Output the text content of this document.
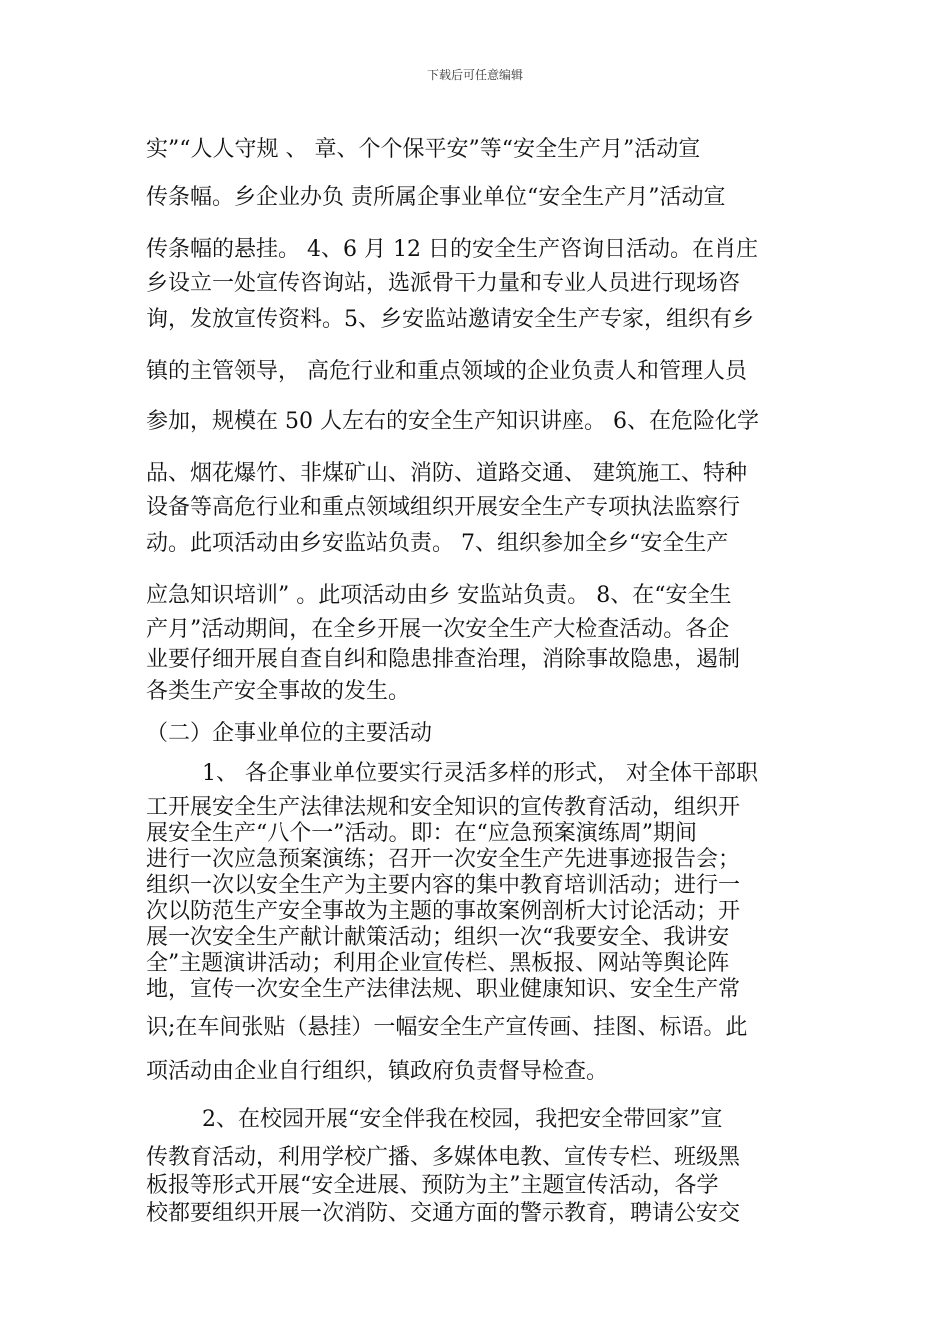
下载后可任意编辑
实”“人人守规 、 章、个个保平安”等“安全生产月”活动宣
传条幅。乡企业办负 责所属企事业单位“安全生产月”活动宣
传条幅的悬挂。 4、6 月 12 日的安全生产咨询日活动。在肖庄
乡设立一处宣传咨询站，选派骨干力量和专业人员进行现场咨
询，发放宣传资料。5、乡安监站邀请安全生产专家，组织有乡
镇的主管领导， 高危行业和重点领域的企业负责人和管理人员
参加，规模在 50 人左右的安全生产知识讲座。 6、在危险化学
品、烟花爆竹、非煤矿山、消防、道路交通、 建筑施工、特种
设备等高危行业和重点领域组织开展安全生产专项执法监察行
动。此项活动由乡安监站负责。 7、组织参加全乡“安全生产
应急知识培训” 。此项活动由乡 安监站负责。 8、在“安全生
产月”活动期间，在全乡开展一次安全生产大检查活动。各企
业要仔细开展自查自纠和隐患排查治理，消除事故隐患，遏制
各类生产安全事故的发生。
（二）企事业单位的主要活动
1、 各企事业单位要实行灵活多样的形式， 对全体干部职
工开展安全生产法律法规和安全知识的宣传教育活动，组织开
展安全生产“八个一”活动。即：在“应急预案演练周”期间
进行一次应急预案演练；召开一次安全生产先进事迹报告会；
组织一次以安全生产为主要内容的集中教育培训活动；进行一
次以防范生产安全事故为主题的事故案例剖析大讨论活动；开
展一次安全生产献计献策活动；组织一次“我要安全、我讲安
全”主题演讲活动；利用企业宣传栏、黑板报、网站等舆论阵
地，宣传一次安全生产法律法规、职业健康知识、安全生产常
识;在车间张贴（悬挂）一幅安全生产宣传画、挂图、标语。此
项活动由企业自行组织，镇政府负责督导检查。
2、在校园开展“安全伴我在校园，我把安全带回家”宣
传教育活动，利用学校广播、多媒体电教、宣传专栏、班级黑
板报等形式开展“安全进展、预防为主”主题宣传活动，各学
校都要组织开展一次消防、交通方面的警示教育，聘请公安交
